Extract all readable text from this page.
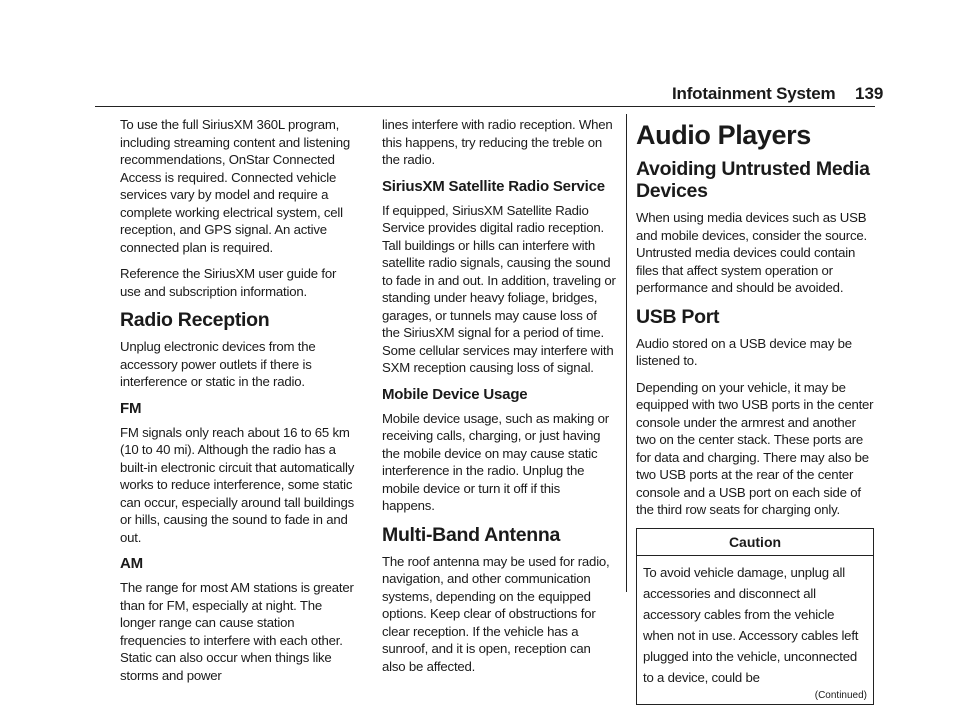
Infotainment System 139

To use the full SiriusXM 360L program, including streaming content and listening recommendations, OnStar Connected Access is required. Connected vehicle services vary by model and require a complete working electrical system, cell reception, and GPS signal. An active connected plan is required.

Reference the SiriusXM user guide for use and subscription information.

Radio Reception

Unplug electronic devices from the accessory power outlets if there is interference or static in the radio.

FM

FM signals only reach about 16 to 65 km (10 to 40 mi). Although the radio has a built-in electronic circuit that automatically works to reduce interference, some static can occur, especially around tall buildings or hills, causing the sound to fade in and out.

AM

The range for most AM stations is greater than for FM, especially at night. The longer range can cause station frequencies to interfere with each other. Static can also occur when things like storms and power

lines interfere with radio reception. When this happens, try reducing the treble on the radio.

SiriusXM Satellite Radio Service

If equipped, SiriusXM Satellite Radio Service provides digital radio reception. Tall buildings or hills can interfere with satellite radio signals, causing the sound to fade in and out. In addition, traveling or standing under heavy foliage, bridges, garages, or tunnels may cause loss of the SiriusXM signal for a period of time. Some cellular services may interfere with SXM reception causing loss of signal.

Mobile Device Usage

Mobile device usage, such as making or receiving calls, charging, or just having the mobile device on may cause static interference in the radio. Unplug the mobile device or turn it off if this happens.

Multi-Band Antenna

The roof antenna may be used for radio, navigation, and other communication systems, depending on the equipped options. Keep clear of obstructions for clear reception. If the vehicle has a sunroof, and it is open, reception can also be affected.

Audio Players
Avoiding Untrusted Media Devices

When using media devices such as USB and mobile devices, consider the source. Untrusted media devices could contain files that affect system operation or performance and should be avoided.

USB Port

Audio stored on a USB device may be listened to.

Depending on your vehicle, it may be equipped with two USB ports in the center console under the armrest and another two on the center stack. These ports are for data and charging. There may also be two USB ports at the rear of the center console and a USB port on each side of the third row seats for charging only.

Caution
To avoid vehicle damage, unplug all accessories and disconnect all accessory cables from the vehicle when not in use. Accessory cables left plugged into the vehicle, unconnected to a device, could be
(Continued)
